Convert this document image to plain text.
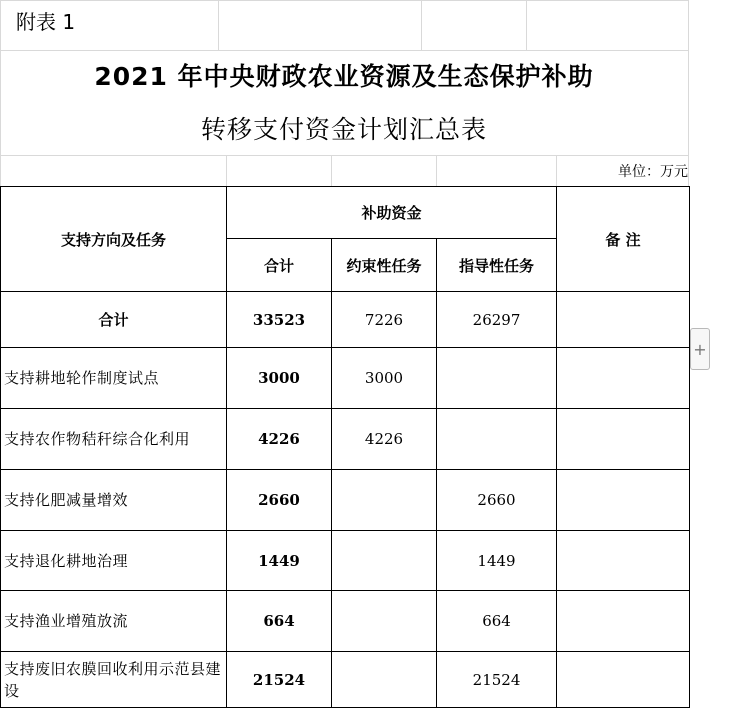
附表 1
2021 年中央财政农业资源及生态保护补助
转移支付资金计划汇总表
单位：万元
支持方向及任务	补助资金			备 注
	合计	约束性任务	指导性任务	
合计	33523	7226	26297	
支持耕地轮作制度试点	3000	3000		
支持农作物秸秆综合化利用	4226	4226		
支持化肥减量增效	2660		2660	
支持退化耕地治理	1449		1449	
支持渔业增殖放流	664		664	
支持废旧农膜回收利用示范县建设	21524		21524	
+
